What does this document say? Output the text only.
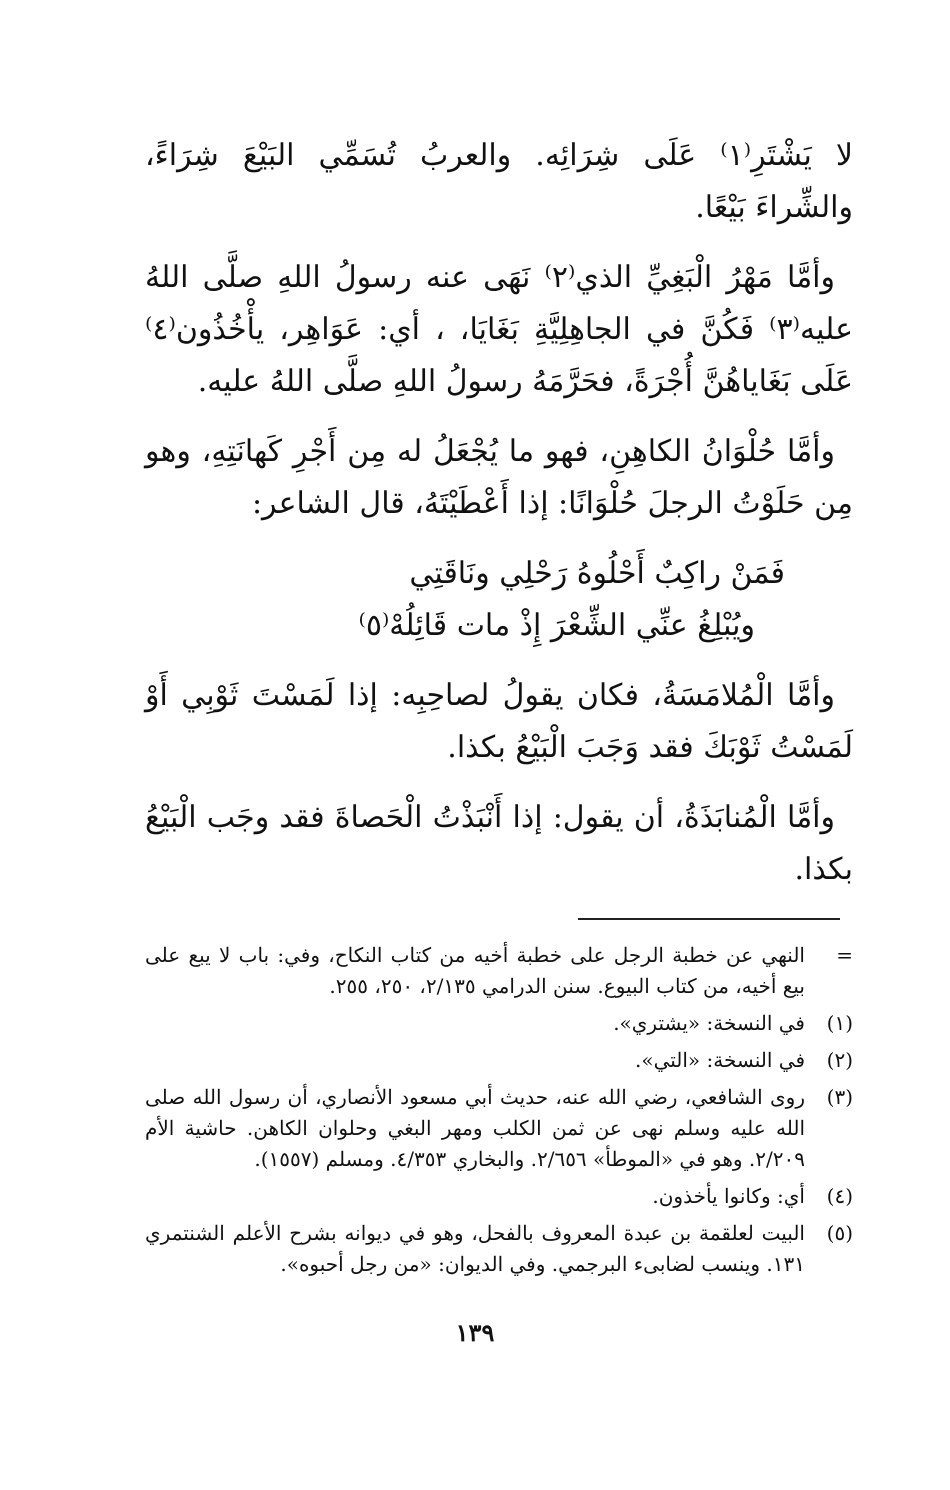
لا يَشْتَرِ⁽١⁾ عَلَى شِرَائِه. والعربُ تُسَمِّي البَيْعَ شِرَاءً، والشِّراءَ بَيْعًا.

وأمَّا مَهْرُ الْبَغِيِّ الذي⁽٢⁾ نَهَى عنه رسولُ اللهِ صلَّى اللهُ عليه⁽٣⁾ فَكُنَّ في الجاهِلِيَّةِ بَغَايَا، ، أي: عَوَاهِر، يأْخُذُون⁽٤⁾ عَلَى بَغَاياهُنَّ أُجْرَةً، فحَرَّمَهُ رسولُ اللهِ صلَّى اللهُ عليه.

وأمَّا حُلْوَانُ الكاهِنِ، فهو ما يُجْعَلُ له مِن أَجْرِ كَهانَتِهِ، وهو مِن حَلَوْتُ الرجلَ حُلْوَانًا: إذا أَعْطَيْتَهُ، قال الشاعر:

فَمَنْ راكِبٌ أَحْلُوهُ رَحْلِي ونَاقَتِي
ويُبْلِغُ عنِّي الشِّعْرَ إِذْ مات قَائِلُهْ⁽٥⁾

وأمَّا الْمُلامَسَةُ، فكان يقولُ لصاحِبِه: إذا لَمَسْتَ ثَوْبِي أَوْ لَمَسْتُ ثَوْبَكَ فقد وَجَبَ الْبَيْعُ بكذا.

وأمَّا الْمُنابَذَةُ، أن يقول: إذا أَنْبَذْتُ الْحَصاةَ فقد وجَب الْبَيْعُ بكذا.

=
النهي عن خطبة الرجل على خطبة أخيه من كتاب النكاح، وفي: باب لا يبع على بيع أخيه، من كتاب البيوع. سنن الدرامي ٢/١٣٥، ٢٥٠، ٢٥٥.
(١)
في النسخة: «يشتري».
(٢)
في النسخة: «التي».
(٣)
روى الشافعي، رضي الله عنه، حديث أبي مسعود الأنصاري، أن رسول الله صلى الله عليه وسلم نهى عن ثمن الكلب ومهر البغي وحلوان الكاهن. حاشية الأم ٢/٢٠٩. وهو في «الموطأ» ٢/٦٥٦. والبخاري ٤/٣٥٣. ومسلم (١٥٥٧).
(٤)
أي: وكانوا يأخذون.
(٥)
البيت لعلقمة بن عبدة المعروف بالفحل، وهو في ديوانه بشرح الأعلم الشنتمري ١٣١. وينسب لضابىء البرجمي. وفي الديوان: «من رجل أحبوه».
١٣٩
